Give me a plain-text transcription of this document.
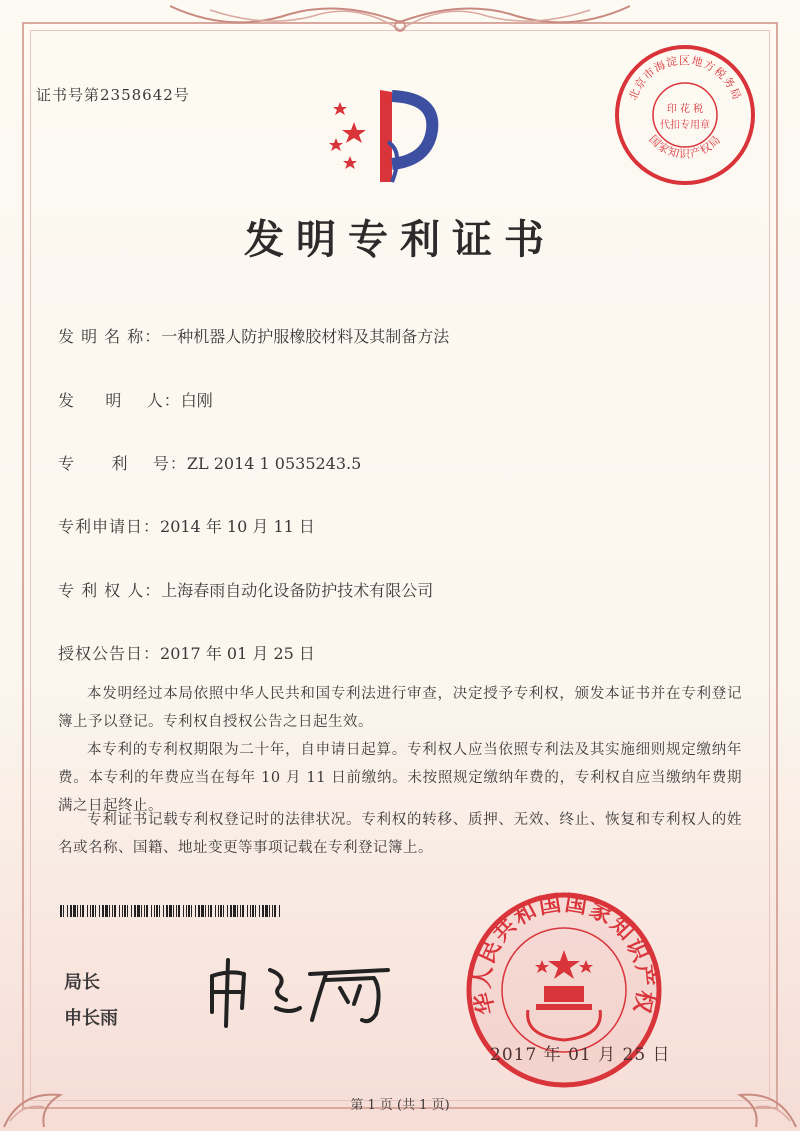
证书号第2358642号	北京市海淀区地方税务局
印 花 税
代扣专用章
国家知识产权局
发明专利证书
发 明 名 称：一种机器人防护服橡胶材料及其制备方法
发     明    人：白刚
专      利    号：ZL 2014 1 0535243.5
专利申请日：2014 年 10 月 11 日
专 利 权 人：上海春雨自动化设备防护技术有限公司
授权公告日：2017 年 01 月 25 日
本发明经过本局依照中华人民共和国专利法进行审查，决定授予专利权，颁发本证书并在专利登记簿上予以登记。专利权自授权公告之日起生效。
本专利的专利权期限为二十年，自申请日起算。专利权人应当依照专利法及其实施细则规定缴纳年费。本专利的年费应当在每年 10 月 11 日前缴纳。未按照规定缴纳年费的，专利权自应当缴纳年费期满之日起终止。
专利证书记载专利权登记时的法律状况。专利权的转移、质押、无效、终止、恢复和专利权人的姓名或名称、国籍、地址变更等事项记载在专利登记簿上。
局长
申长雨
华人民共和国国家知识产权
2017 年 01 月 25 日
第 1 页 (共 1 页)
